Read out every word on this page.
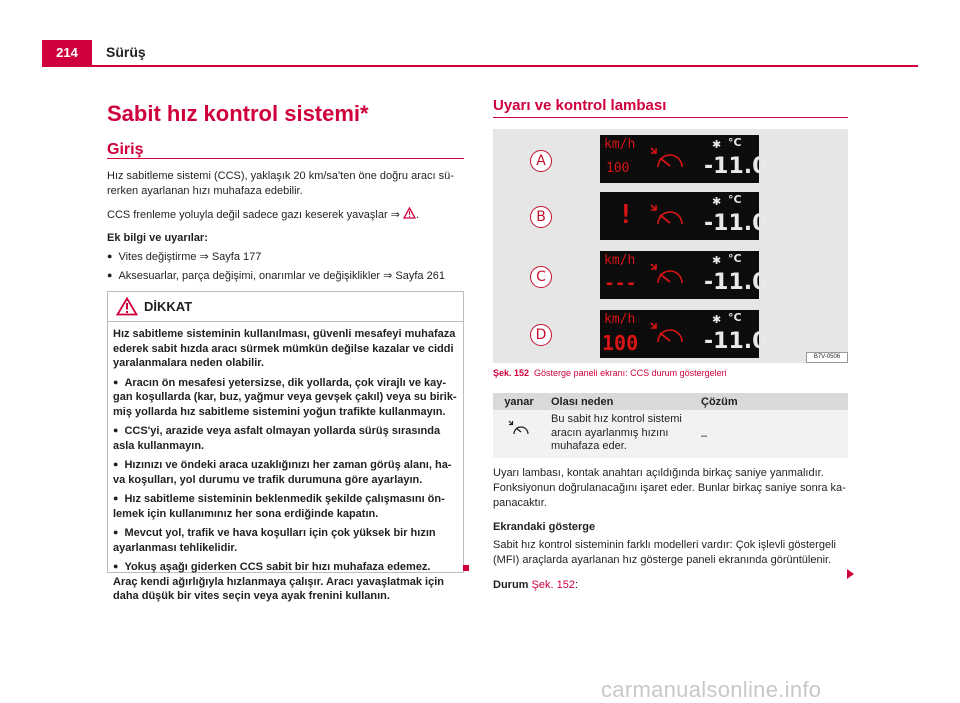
214	Sürüş
Sabit hız kontrol sistemi*
Giriş

Hız sabitleme sistemi (CCS), yaklaşık 20 km/sa'ten öne doğru aracı sü-
rerken ayarlanan hızı muhafaza edebilir.

CCS frenleme yoluyla değil sadece gazı keserek yavaşlar ⇒ .

Ek bilgi ve uyarılar:

● Vites değiştirme ⇒ Sayfa 177

● Aksesuarlar, parça değişimi, onarımlar ve değişiklikler ⇒ Sayfa 261

DİKKAT

Hız sabitleme sisteminin kullanılması, güvenli mesafeyi muhafaza ederek sabit hızda aracı sürmek mümkün değilse kazalar ve ciddi yaralanmalara neden olabilir.

● Aracın ön mesafesi yetersizse, dik yollarda, çok virajlı ve kay-gan koşullarda (kar, buz, yağmur veya gevşek çakıl) veya su birik-miş yollarda hız sabitleme sistemini yoğun trafikte kullanmayın.

● CCS'yi, arazide veya asfalt olmayan yollarda sürüş sırasında asla kullanmayın.

● Hızınızı ve öndeki araca uzaklığınızı her zaman görüş alanı, ha-va koşulları, yol durumu ve trafik durumuna göre ayarlayın.

● Hız sabitleme sisteminin beklenmedik şekilde çalışmasını ön-lemek için kullanımınız her sona erdiğinde kapatın.

● Mevcut yol, trafik ve hava koşulları için çok yüksek bir hızın ayarlanması tehlikelidir.

● Yokuş aşağı giderken CCS sabit bir hızı muhafaza edemez. Araç kendi ağırlığıyla hızlanmaya çalışır. Aracı yavaşlatmak için daha düşük bir vites seçin veya ayak frenini kullanın.

Uyarı ve kontrol lambası
A
km/h
100
°C
✱
-11.0
B	!
°C
✱
-11.0
C
km/h
---
°C
✱
-11.0
D
km/h
100
°C
✱
-11.0
B7V-0506
Şek. 152 Gösterge paneli ekranı: CCS durum göstergeleri
yanar	Olası neden	Çözüm
	Bu sabit hız kontrol sistemi aracın ayarlanmış hızını muhafaza eder.	–

Uyarı lambası, kontak anahtarı açıldığında birkaç saniye yanmalıdır. Fonksiyonun doğrulanacağını işaret eder. Bunlar birkaç saniye sonra ka-panacaktır.

Ekrandaki gösterge

Sabit hız kontrol sisteminin farklı modelleri vardır: Çok işlevli göstergeli (MFI) araçlarda ayarlanan hız gösterge paneli ekranında görüntülenir.

Durum Şek. 152:

carmanualsonline.info
